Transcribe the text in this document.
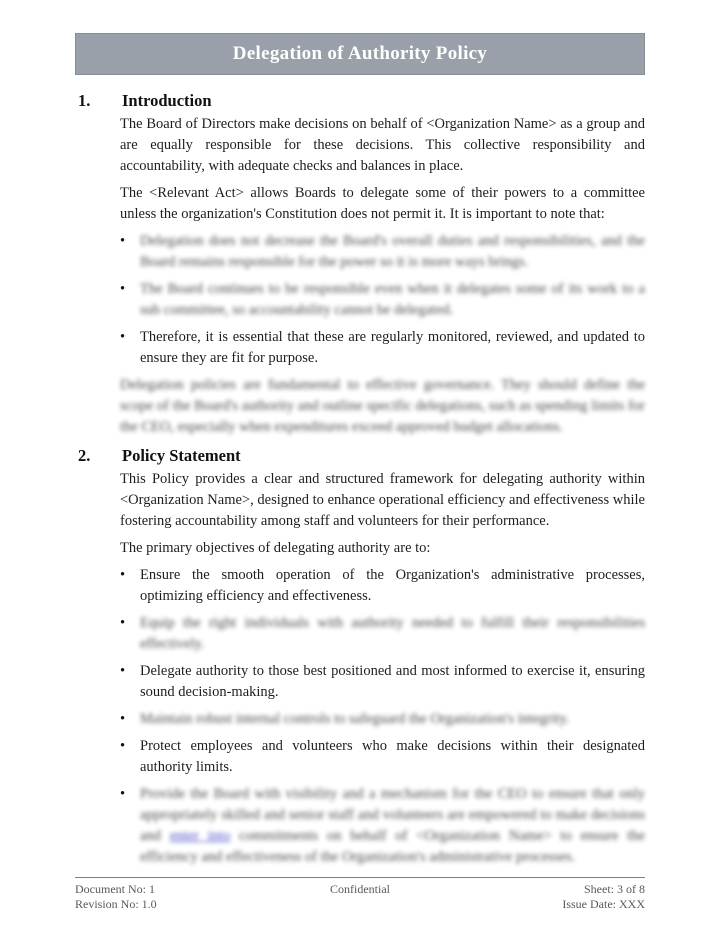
Delegation of Authority Policy
1.	Introduction

The Board of Directors make decisions on behalf of <Organization Name> as a group and are equally responsible for these decisions. This collective responsibility and accountability, with adequate checks and balances in place.

The <Relevant Act> allows Boards to delegate some of their powers to a committee unless the organization's Constitution does not permit it. It is important to note that:

•	Delegation does not decrease the Board's overall duties and responsibilities, and the Board remains responsible for the power so it is more ways brings.
•	The Board continues to be responsible even when it delegates some of its work to a sub committee, so accountability cannot be delegated.
•	Therefore, it is essential that these are regularly monitored, reviewed, and updated to ensure they are fit for purpose.

Delegation policies are fundamental to effective governance. They should define the scope of the Board's authority and outline specific delegations, such as spending limits for the CEO, especially when expenditures exceed approved budget allocations.

2.	Policy Statement

This Policy provides a clear and structured framework for delegating authority within <Organization Name>, designed to enhance operational efficiency and effectiveness while fostering accountability among staff and volunteers for their performance.

The primary objectives of delegating authority are to:

•	Ensure the smooth operation of the Organization's administrative processes, optimizing efficiency and effectiveness.
•	Equip the right individuals with authority needed to fulfill their responsibilities effectively.
•	Delegate authority to those best positioned and most informed to exercise it, ensuring sound decision-making.
•	Maintain robust internal controls to safeguard the Organization's integrity.
•	Protect employees and volunteers who make decisions within their designated authority limits.
•	Provide the Board with visibility and a mechanism for the CEO to ensure that only appropriately skilled and senior staff and volunteers are empowered to make decisions and enter into commitments on behalf of <Organization Name> to ensure the efficiency and effectiveness of the Organization's administrative processes.
Document No: 1
Revision No: 1.0
Confidential	Sheet: 3 of 8
Issue Date: XXX
